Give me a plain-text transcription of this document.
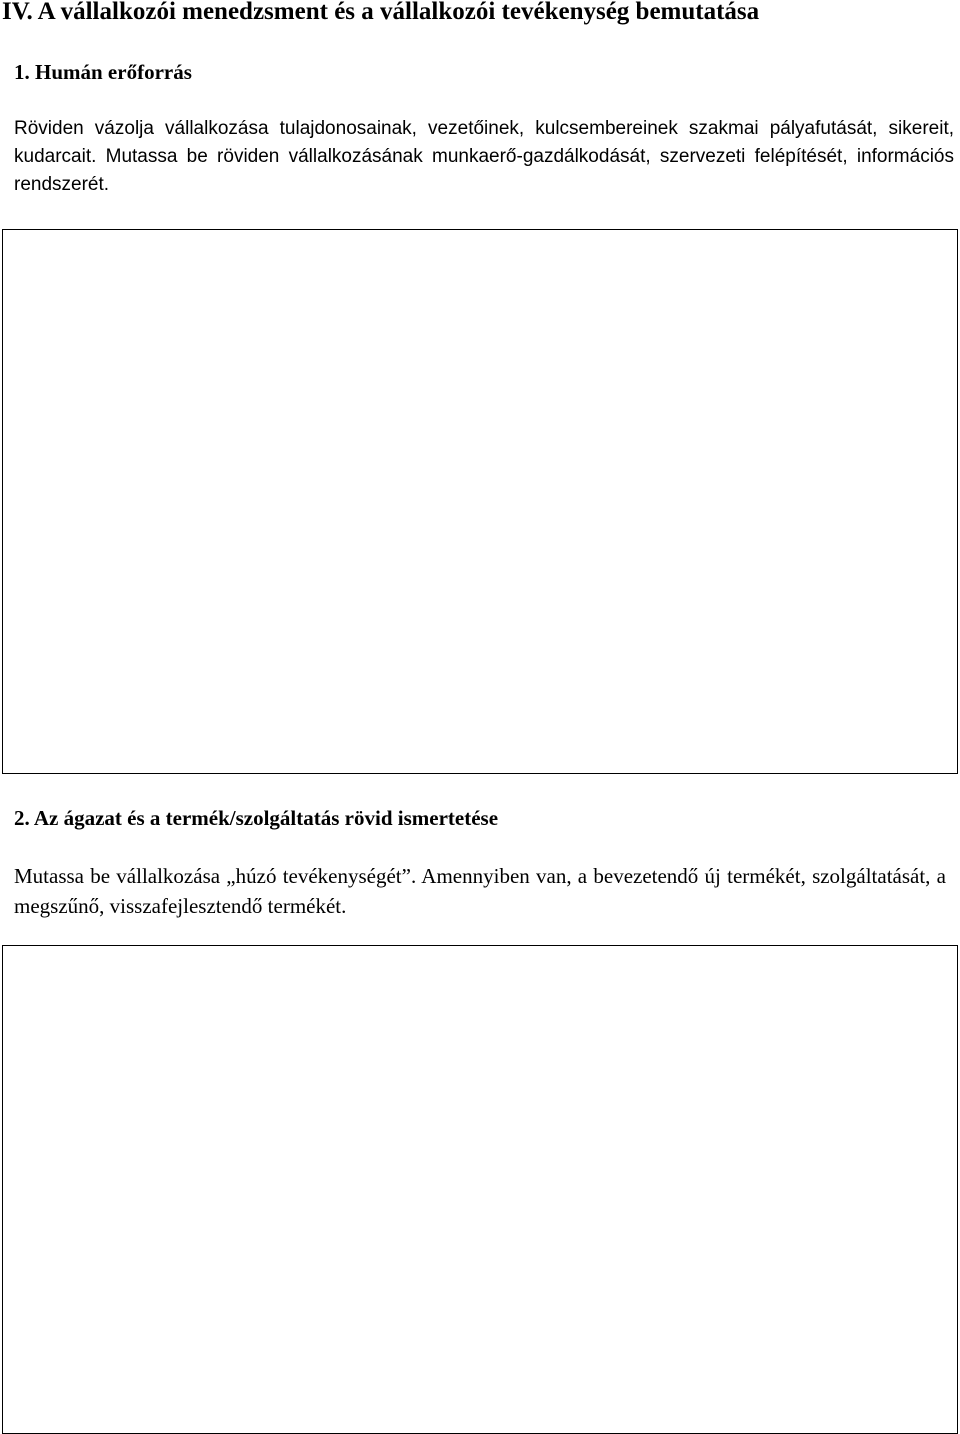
IV. A vállalkozói menedzsment és a vállalkozói tevékenység bemutatása
1. Humán erőforrás

Röviden vázolja vállalkozása tulajdonosainak, vezetőinek, kulcsembereinek szakmai pályafutását, sikereit, kudarcait. Mutassa be röviden vállalkozásának munkaerő-gazdálkodását, szervezeti felépítését, információs rendszerét.

2. Az ágazat és a termék/szolgáltatás rövid ismertetése

Mutassa be vállalkozása „húzó tevékenységét”. Amennyiben van, a bevezetendő új termékét, szolgáltatását, a megszűnő, visszafejlesztendő termékét.
